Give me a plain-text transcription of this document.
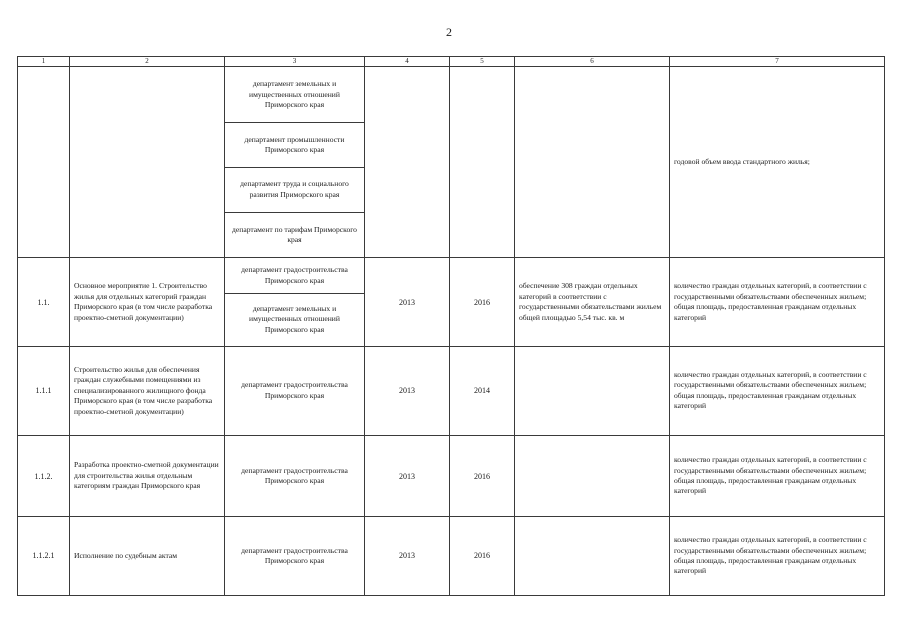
2
1	2	3	4	5	6	7
		департамент земельных и имущественных отношений Приморского края				годовой объем ввода стандартного жилья;
		департамент промышленности Приморского края				
		департамент труда и социального развития Приморского края				
		департамент по тарифам Приморского края				
1.1.	Основное мероприятие 1. Строительство жилья для отдельных категорий граждан Приморского края (в том числе разработка проектно-сметной документации)	департамент градостроительства Приморского края	2013	2016	обеспечение 308 граждан отдельных категорий в соответствии с государственными обязательствами жильем общей площадью 5,54 тыс. кв. м	количество граждан отдельных категорий, в соответствии с государственными обязательствами обеспеченных жильем; общая площадь, предоставленная гражданам отдельных категорий
		департамент земельных и имущественных отношений Приморского края				
1.1.1	Строительство жилья для обеспечения граждан служебными помещениями из специализированного жилищного фонда Приморского края (в том числе разработка проектно-сметной документации)	департамент градостроительства Приморского края	2013	2014		количество граждан отдельных категорий, в соответствии с государственными обязательствами обеспеченных жильем; общая площадь, предоставленная гражданам отдельных категорий
1.1.2.	Разработка проектно-сметной документации для строительства жилья отдельным категориям граждан Приморского края	департамент градостроительства Приморского края	2013	2016		количество граждан отдельных категорий, в соответствии с государственными обязательствами обеспеченных жильем; общая площадь, предоставленная гражданам отдельных категорий
1.1.2.1	Исполнение по судебным актам	департамент градостроительства Приморского края	2013	2016		количество граждан отдельных категорий, в соответствии с государственными обязательствами обеспеченных жильем; общая площадь, предоставленная гражданам отдельных категорий
